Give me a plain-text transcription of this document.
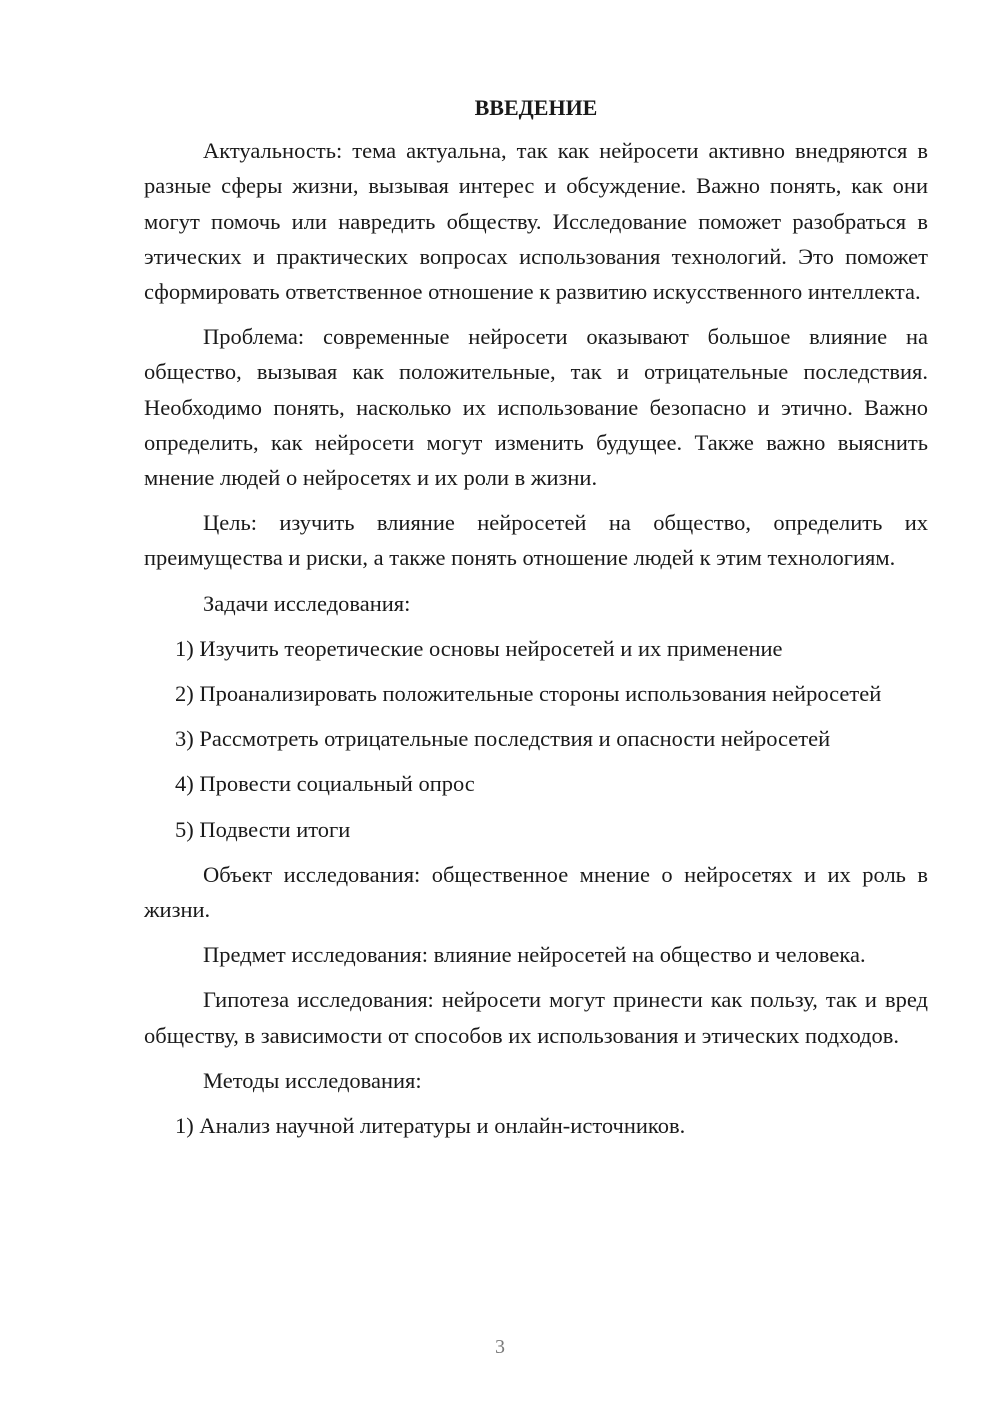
ВВЕДЕНИЕ

Актуальность: тема актуальна, так как нейросети активно внедряются в разные сферы жизни, вызывая интерес и обсуждение. Важно понять, как они могут помочь или навредить обществу. Исследование поможет разобраться в этических и практических вопросах использования технологий. Это поможет сформировать ответственное отношение к развитию искусственного интеллекта.

Проблема: современные нейросети оказывают большое влияние на общество, вызывая как положительные, так и отрицательные последствия. Необходимо понять, насколько их использование безопасно и этично. Важно определить, как нейросети могут изменить будущее. Также важно выяснить мнение людей о нейросетях и их роли в жизни.

Цель: изучить влияние нейросетей на общество, определить их преимущества и риски, а также понять отношение людей к этим технологиям.

Задачи исследования:

1) Изучить теоретические основы нейросетей и их применение

2) Проанализировать положительные стороны использования нейросетей

3) Рассмотреть отрицательные последствия и опасности нейросетей

4) Провести социальный опрос

5) Подвести итоги

Объект исследования: общественное мнение о нейросетях и их роль в жизни.

Предмет исследования: влияние нейросетей на общество и человека.

Гипотеза исследования: нейросети могут принести как пользу, так и вред обществу, в зависимости от способов их использования и этических подходов.

Методы исследования:

1) Анализ научной литературы и онлайн-источников.

3
